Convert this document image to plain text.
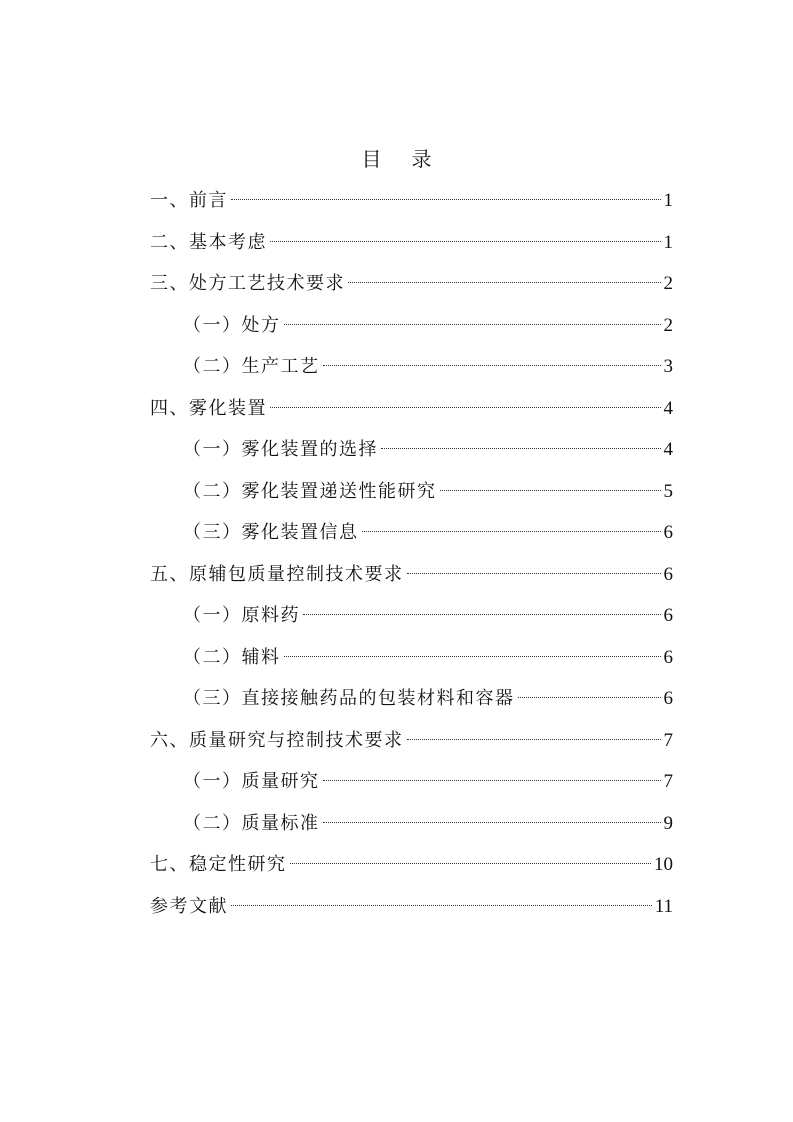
目 录
一、前言	1
二、基本考虑	1
三、处方工艺技术要求	2
（一）处方	2
（二）生产工艺	3
四、雾化装置	4
（一）雾化装置的选择	4
（二）雾化装置递送性能研究	5
（三）雾化装置信息	6
五、原辅包质量控制技术要求	6
（一）原料药	6
（二）辅料	6
（三）直接接触药品的包装材料和容器	6
六、质量研究与控制技术要求	7
（一）质量研究	7
（二）质量标准	9
七、稳定性研究	10
参考文献	11
